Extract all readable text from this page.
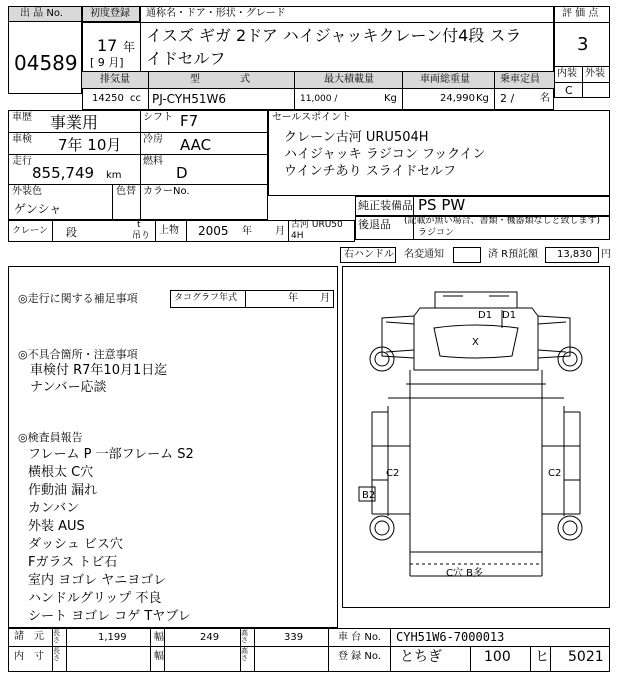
出 品 No.
04589
初度登録 通称名・ドア・形状・グレード
17 年
[ 9 月]
イスズ ギガ 2ドア ハイジャッキクレーン付4段 スラ
イドセルフ
評 価 点
3
内装 外装
C
排気量	型　　　　式	最大積載量	車両総重量	乗車定員
14250 cc PJ-CYH51W6	11,000 /	Kg	24,990 Kg 2 /	名
車歴 事業用	シフト F7
車検 7年 10月 冷房 AAC
走行
855,749 km
燃料
D
外装色
ゲンシャ
色替 カラーNo.
セールスポイント
クレーン古河 URU504H
ハイジャッキ ラジコン フックイン
ウインチあり スライドセルフ
純正装備品 PS PW
後退品 (記載が無い場合、書類・機器類なしと致します)
ラジコン
クレーン 段
t
吊り 上物 2005 年 月
古河 URU50
4H
右ハンドル 名変通知	済 R預託額 13,830 円
◎走行に関する補足事項	タコグラフ年式	年 月
◎不具合箇所・注意事項
車検付 R7年10月1日迄
ナンバー応談
◎検査員報告
フレーム P 一部フレーム S2
横根太 C穴
作動油 漏れ
カンバン
外装 AUS
ダッシュ ビス穴
Fガラス トビ石
室内 ヨゴレ ヤニヨゴレ
ハンドルグリップ 不良
シート ヨゴレ コゲ Tヤブレ
D1 D1
X
C2	C2
B2
C穴 B多
諸　元 長さ	1,199	幅	249	高さ	339	車 台 No. CYH51W6-7000013
内　寸 長さ	幅	高さ	登 録 No. とちぎ	100 ヒ 5021
